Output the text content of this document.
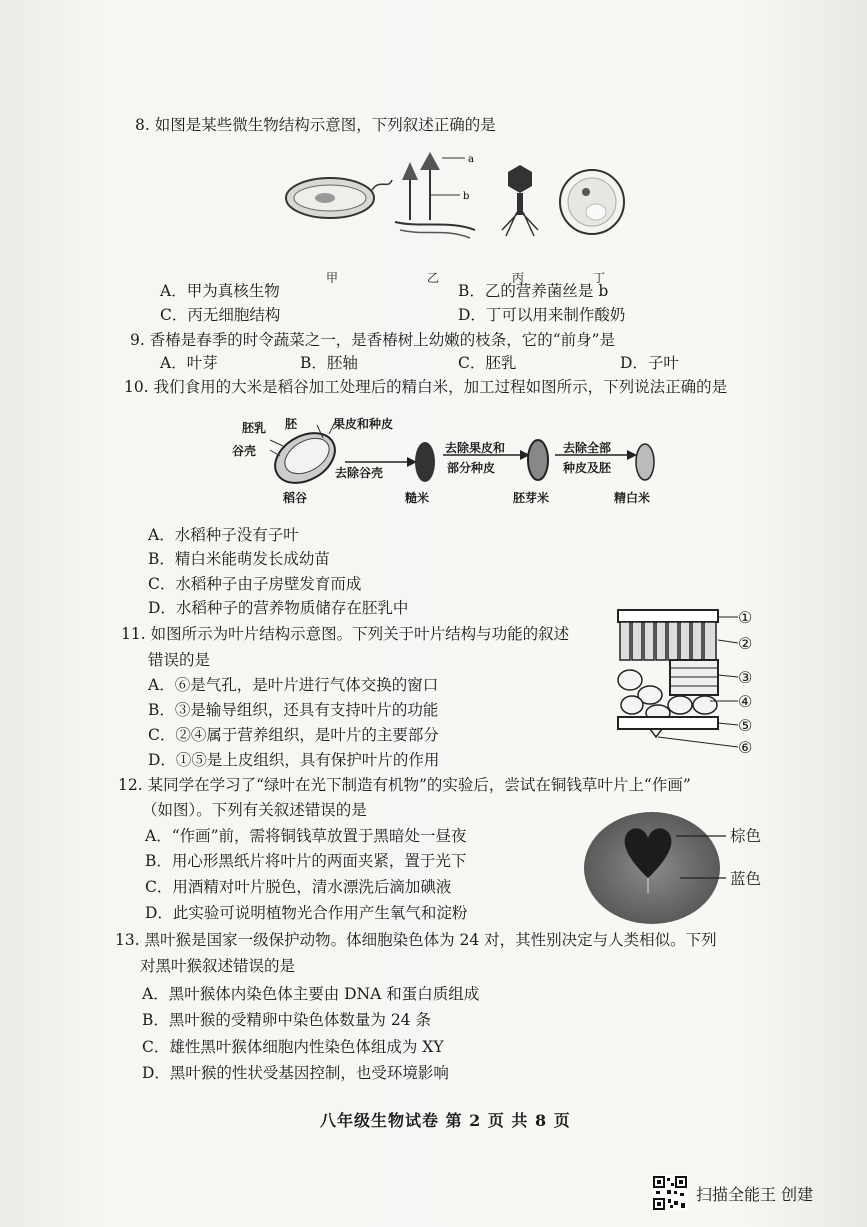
8. 如图是某些微生物结构示意图，下列叙述正确的是
a
b
甲	乙	丙	丁
A．甲为真核生物	B．乙的营养菌丝是 b
C．丙无细胞结构	D．丁可以用来制作酸奶
9. 香椿是春季的时令蔬菜之一，是香椿树上幼嫩的枝条，它的“前身”是
A．叶芽	B．胚轴	C．胚乳	D．子叶
10. 我们食用的大米是稻谷加工处理后的精白米，加工过程如图所示，下列说法正确的是
胚乳 胚	果皮和种皮
谷壳
去除谷壳
去除果皮和
部分种皮
去除全部
种皮及胚
稻谷	糙米	胚芽米	精白米
A．水稻种子没有子叶
B．精白米能萌发长成幼苗
C．水稻种子由子房壁发育而成
D．水稻种子的营养物质储存在胚乳中
11. 如图所示为叶片结构示意图。下列关于叶片结构与功能的叙述
错误的是
A．⑥是气孔，是叶片进行气体交换的窗口
B．③是输导组织，还具有支持叶片的功能
C．②④属于营养组织，是叶片的主要部分
D．①⑤是上皮组织，具有保护叶片的作用
①
②
③
④
⑤
⑥
12. 某同学在学习了“绿叶在光下制造有机物”的实验后，尝试在铜钱草叶片上“作画”
（如图）。下列有关叙述错误的是
A．“作画”前，需将铜钱草放置于黑暗处一昼夜
B．用心形黑纸片将叶片的两面夹紧，置于光下
C．用酒精对叶片脱色，清水漂洗后滴加碘液
D．此实验可说明植物光合作用产生氧气和淀粉
棕色
蓝色
13. 黑叶猴是国家一级保护动物。体细胞染色体为 24 对，其性别决定与人类相似。下列
对黑叶猴叙述错误的是
A．黑叶猴体内染色体主要由 DNA 和蛋白质组成
B．黑叶猴的受精卵中染色体数量为 24 条
C．雄性黑叶猴体细胞内性染色体组成为 XY
D．黑叶猴的性状受基因控制，也受环境影响
八年级生物试卷 第 2 页 共 8 页
扫描全能王 创建
